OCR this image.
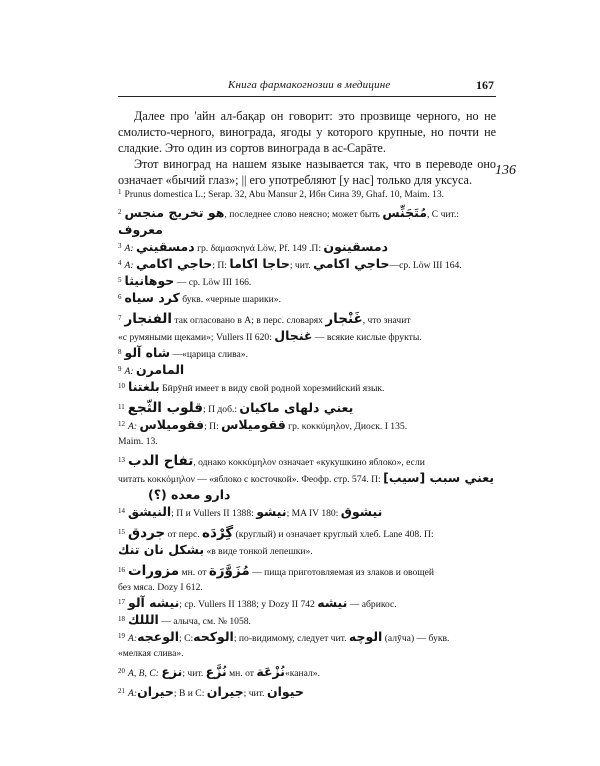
Книга фармакогнозии в медицине	167
Далее про 'айн ал-бақар он говорит: это прозвище черного, но не смолисто-черного, винограда, ягоды у которого крупные, но почти не сладкие. Это один из сортов винограда в ас-Сарāте.
Этот виноград на нашем языке называется так, что в переводе оно означает «бычий глаз»; || его употребляют [у нас] только для уксуса.
136
$^1$ Prunus domestica L.; Serap. 32, Abu Mansur 2, Ибн Сина 39, Ghaf. 10, Maim. 13.
$^2$ هو تخريج منجس, последнее слово неясно; может быть مُتَجَنِّس, C чит.:
معروف
$^3$ A: دمسقيني гр. δαμασκηνά Löw, Pf. 149 .П: دمسقينون
$^4$ A: حاجي اكامي; П: حاجا اكاما; чит. حاجي اكامي—ср. Löw III 164.
$^5$ حوهانيثا — ср. Löw III 166.
$^6$ كرد سياه букв. «черные шарики».
$^7$ الفنجار так огласовано в A; в перс. словарях غَنْجار, что значит
«с румяными щеками»; Vullers II 620: غنجال — всякие кислые фрукты.
$^8$ شاه آلو —«царица слива».
$^9$ A: المامرن
$^{10}$ بلغتنا Бӣрӯнӣ имеет в виду свой родной хорезмийский язык.
$^{11}$ قلوب الثّجع; П доб.: يعني دلهاى ماكيان
$^{12}$ A: فقوميلاس; П: ققوميلاس гр. κοκκύμηλον, Диоск. I 135.
Maim. 13.
$^{13}$ تفاح الدب, однако κοκκύμηλον означает «кукушкино яблоко», если
читать κοκκόμηλον — «яблоко с косточкой». Феофр. стр. 574. П: يعني سبب [سيب]
دارو معده (؟)
$^{14}$ النيشق; П и Vullers II 1388: نيشو; MA IV 180: نيشوق
$^{15}$ جردق от перс. گِرْدَه (круглый) и означает круглый хлеб. Lane 408. П:
بشكل نان تنك «в виде тонкой лепешки».
$^{16}$ مزورات мн. от مُزَوَّرَة — пища приготовляемая из злаков и овощей
без мяса. Dozy I 612.
$^{17}$ نيشه آلو; ср. Vullers II 1388; у Dozy II 742 نيشه — абрикос.
$^{18}$ الللك — алыча, см. № 1058.
$^{19}$ A:الوعجه; C:الوكحه; по-видимому, следует чит. الوچه (алӯча) — букв.
«мелкая слива».
$^{20}$ A, B, C: نزع; чит. نُزَّع мн. от نُزْعَة«канал».
$^{21}$ A:حيران; B и C: جيران; чит. حيوان
